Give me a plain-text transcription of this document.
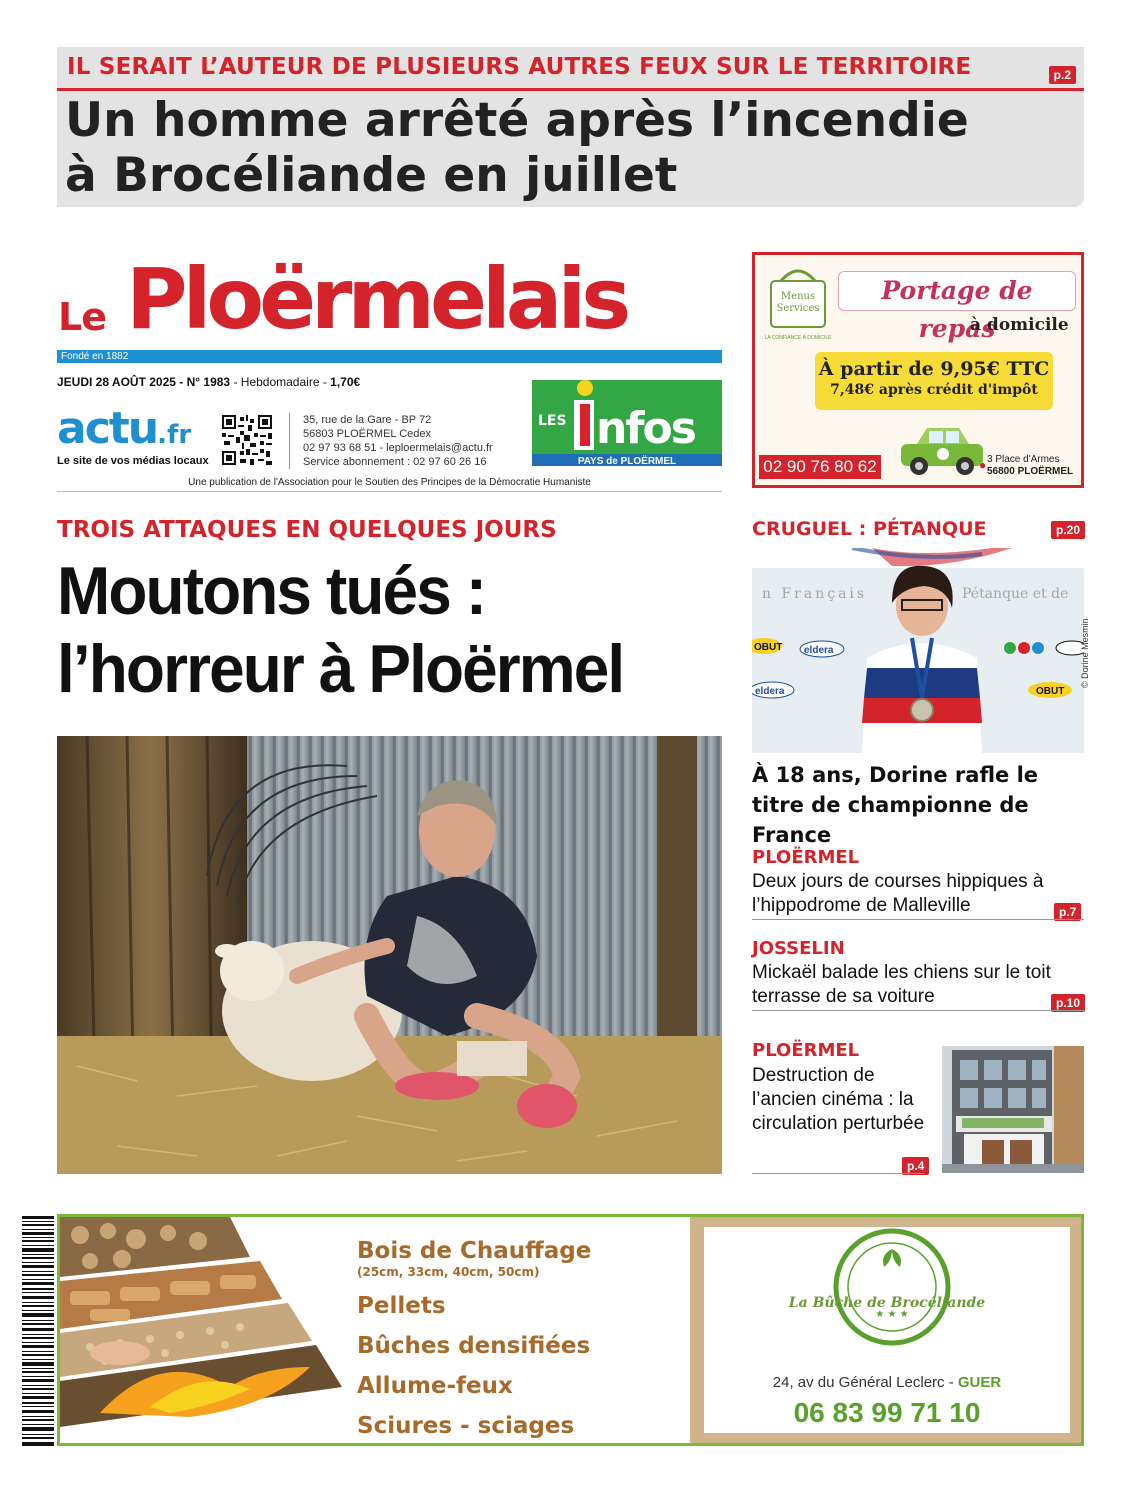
IL SERAIT L’AUTEUR DE PLUSIEURS AUTRES FEUX SUR LE TERRITOIRE	p.2
Un homme arrêté après l’incendie
à Brocéliande en juillet
Le Ploërmelais
Fondé en 1882
JEUDI 28 AOÛT 2025 - N° 1983 - Hebdomadaire - 1,70€
actu.fr
Le site de vos médias locaux
35, rue de la Gare - BP 72
56803 PLOËRMEL Cedex
02 97 93 68 51 - leploermelais@actu.fr
Service abonnement : 02 97 60 26 16
LES nfos
PAYS de PLOËRMEL
Une publication de l'Association pour le Soutien des Principes de la Démocratie Humaniste
Menus
Services
LA CONFIANCE À DOMICILE
Portage de repas
à domicile
À partir de 9,95€ TTC
7,48€ après crédit d'impôt
02 90 76 80 62	● 3 Place d'Armes
56800 PLOËRMEL
TROIS ATTAQUES EN QUELQUES JOURS
Moutons tués :
l’horreur à Ploërmel
CRUGUEL : PÉTANQUE	p.20
n Français	Pétanque et de
OBUT eldera
eldera	OBUT
© Dorine Mesmin
À 18 ans, Dorine rafle le titre de championne de France
PLOËRMEL
Deux jours de courses hippiques à l’hippodrome de Malleville	p.7
JOSSELIN
Mickaël balade les chiens sur le toit terrasse de sa voiture	p.10
PLOËRMEL
Destruction de l’ancien cinéma : la circulation perturbée
p.4
Bois de Chauffage
(25cm, 33cm, 40cm, 50cm)
Pellets
Bûches densifiées
Allume-feux
Sciures - sciages
★ ★ ★
La Bûche de Brocéliande
24, av du Général Leclerc - GUER
06 83 99 71 10
